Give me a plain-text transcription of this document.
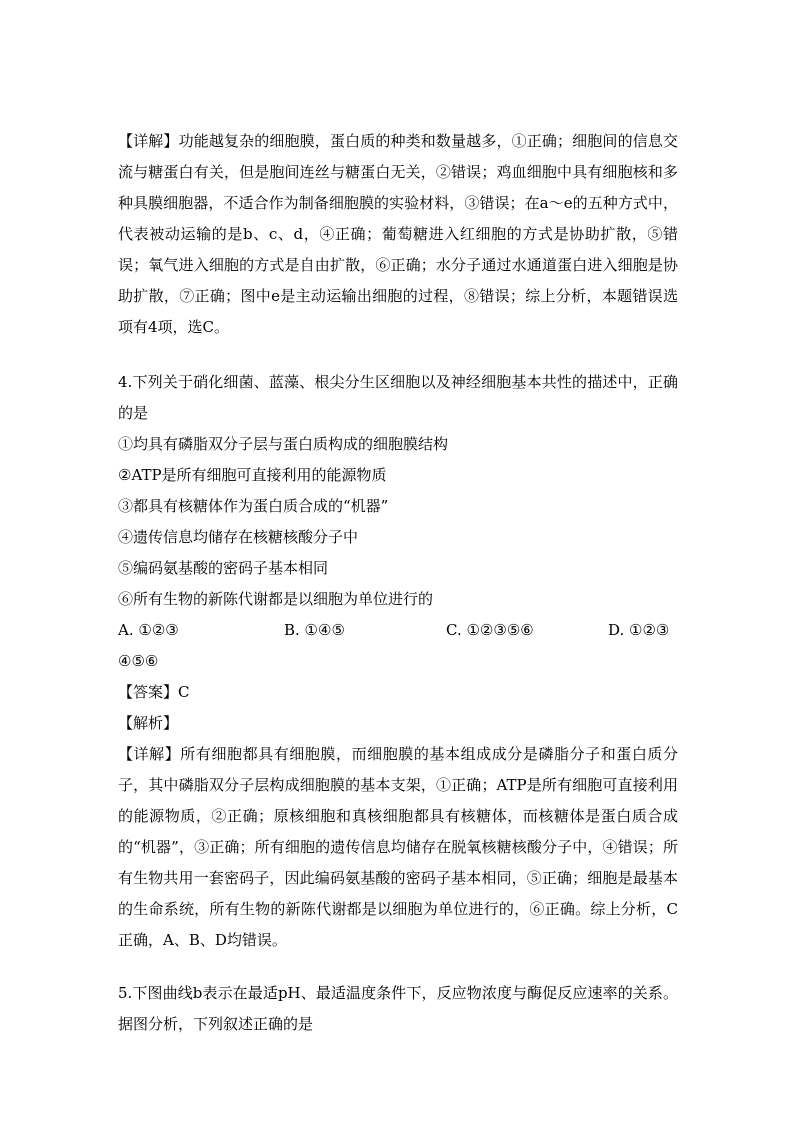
【详解】功能越复杂的细胞膜，蛋白质的种类和数量越多，①正确；细胞间的信息交流与糖蛋白有关，但是胞间连丝与糖蛋白无关，②错误；鸡血细胞中具有细胞核和多种具膜细胞器，不适合作为制备细胞膜的实验材料，③错误；在a～e的五种方式中，代表被动运输的是b、c、d，④正确；葡萄糖进入红细胞的方式是协助扩散，⑤错误；氧气进入细胞的方式是自由扩散，⑥正确；水分子通过水通道蛋白进入细胞是协助扩散，⑦正确；图中e是主动运输出细胞的过程，⑧错误；综上分析，本题错误选项有4项，选C。

4.下列关于硝化细菌、蓝藻、根尖分生区细胞以及神经细胞基本共性的描述中，正确的是

①均具有磷脂双分子层与蛋白质构成的细胞膜结构

②ATP是所有细胞可直接利用的能源物质

③都具有核糖体作为蛋白质合成的“机器”

④遗传信息均储存在核糖核酸分子中

⑤编码氨基酸的密码子基本相同

⑥所有生物的新陈代谢都是以细胞为单位进行的

A. ①②③	B. ①④⑤	C. ①②③⑤⑥	D. ①②③

④⑤⑥

【答案】C

【解析】

【详解】所有细胞都具有细胞膜，而细胞膜的基本组成成分是磷脂分子和蛋白质分子，其中磷脂双分子层构成细胞膜的基本支架，①正确；ATP是所有细胞可直接利用的能源物质，②正确；原核细胞和真核细胞都具有核糖体，而核糖体是蛋白质合成的“机器”，③正确；所有细胞的遗传信息均储存在脱氧核糖核酸分子中，④错误；所有生物共用一套密码子，因此编码氨基酸的密码子基本相同，⑤正确；细胞是最基本的生命系统，所有生物的新陈代谢都是以细胞为单位进行的，⑥正确。综上分析，C正确，A、B、D均错误。

5.下图曲线b表示在最适pH、最适温度条件下，反应物浓度与酶促反应速率的关系。据图分析，下列叙述正确的是
